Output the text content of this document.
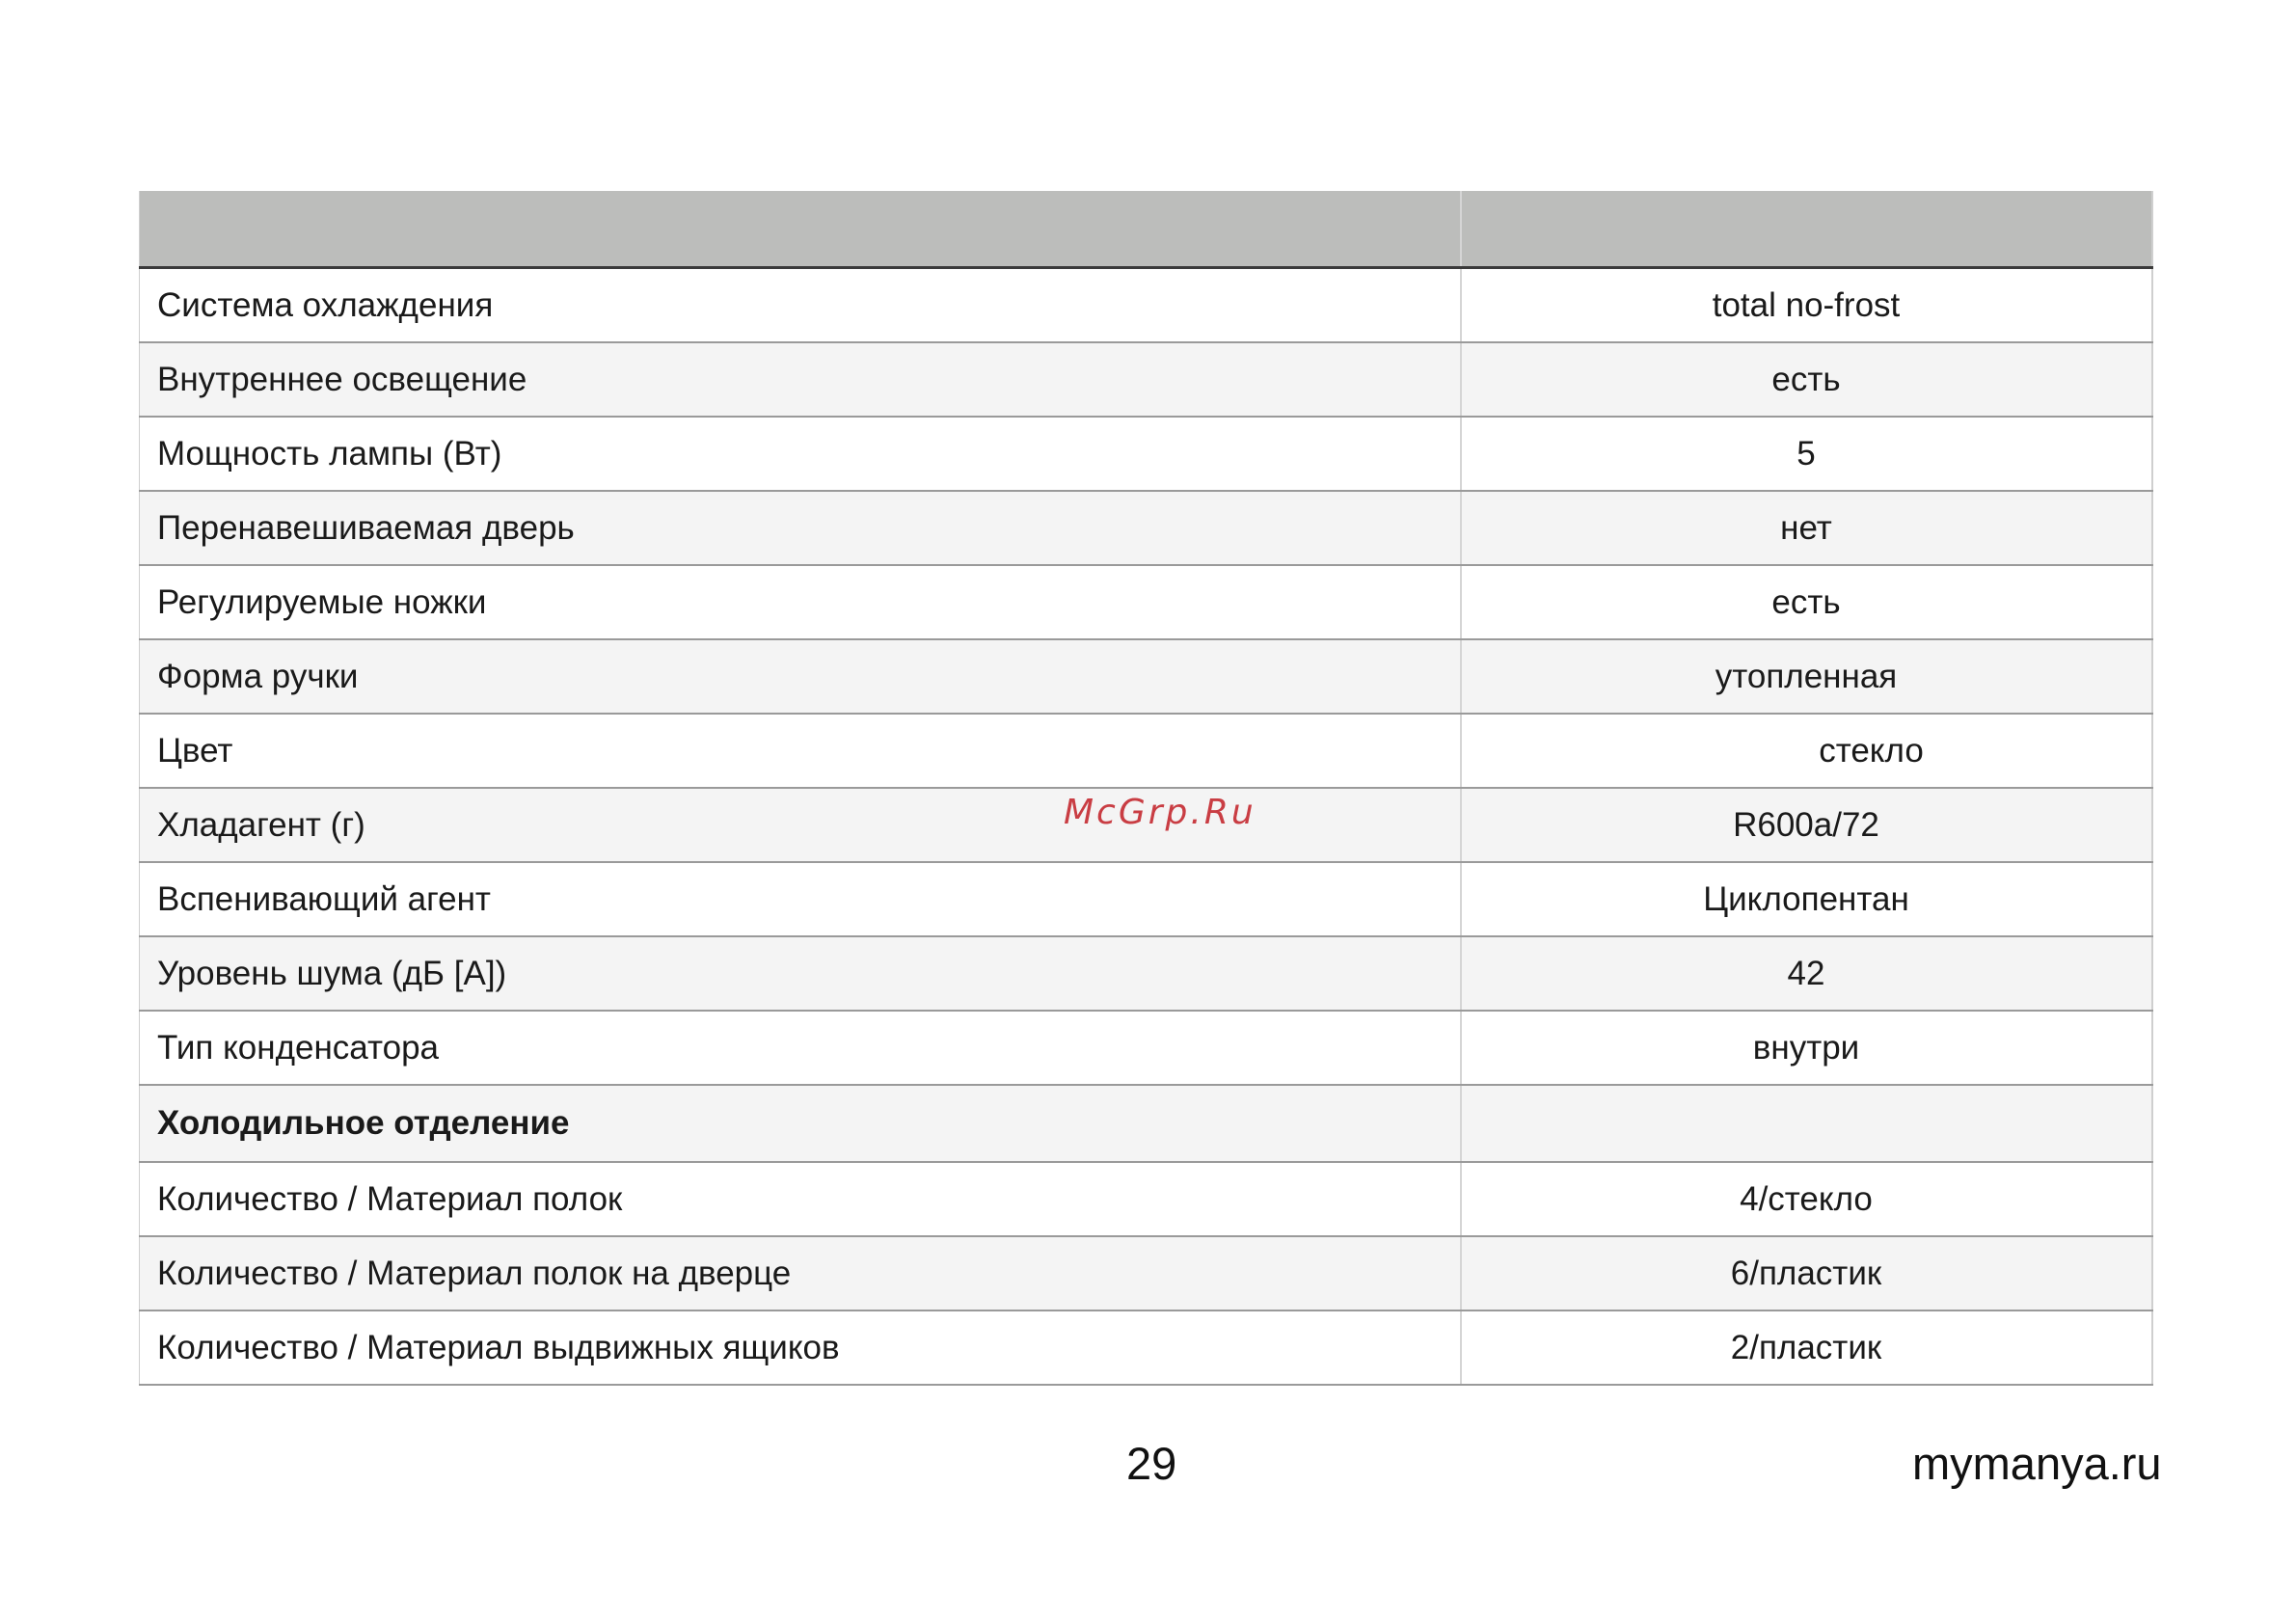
Система охлаждения	total no-frost
Внутреннее освещение	есть
Мощность лампы (Вт)	5
Перенавешиваемая дверь	нет
Регулируемые ножки	есть
Форма ручки	утопленная
Цвет	стекло
Хладагент (г)	R600a/72
Вспенивающий агент	Циклопентан
Уровень шума (дБ [А])	42
Тип конденсатора	внутри
Холодильное отделение	
Количество / Материал полок	4/стекло
Количество / Материал полок на дверце	6/пластик
Количество / Материал выдвижных ящиков	2/пластик
McGrp.Ru
29	mymanya.ru
